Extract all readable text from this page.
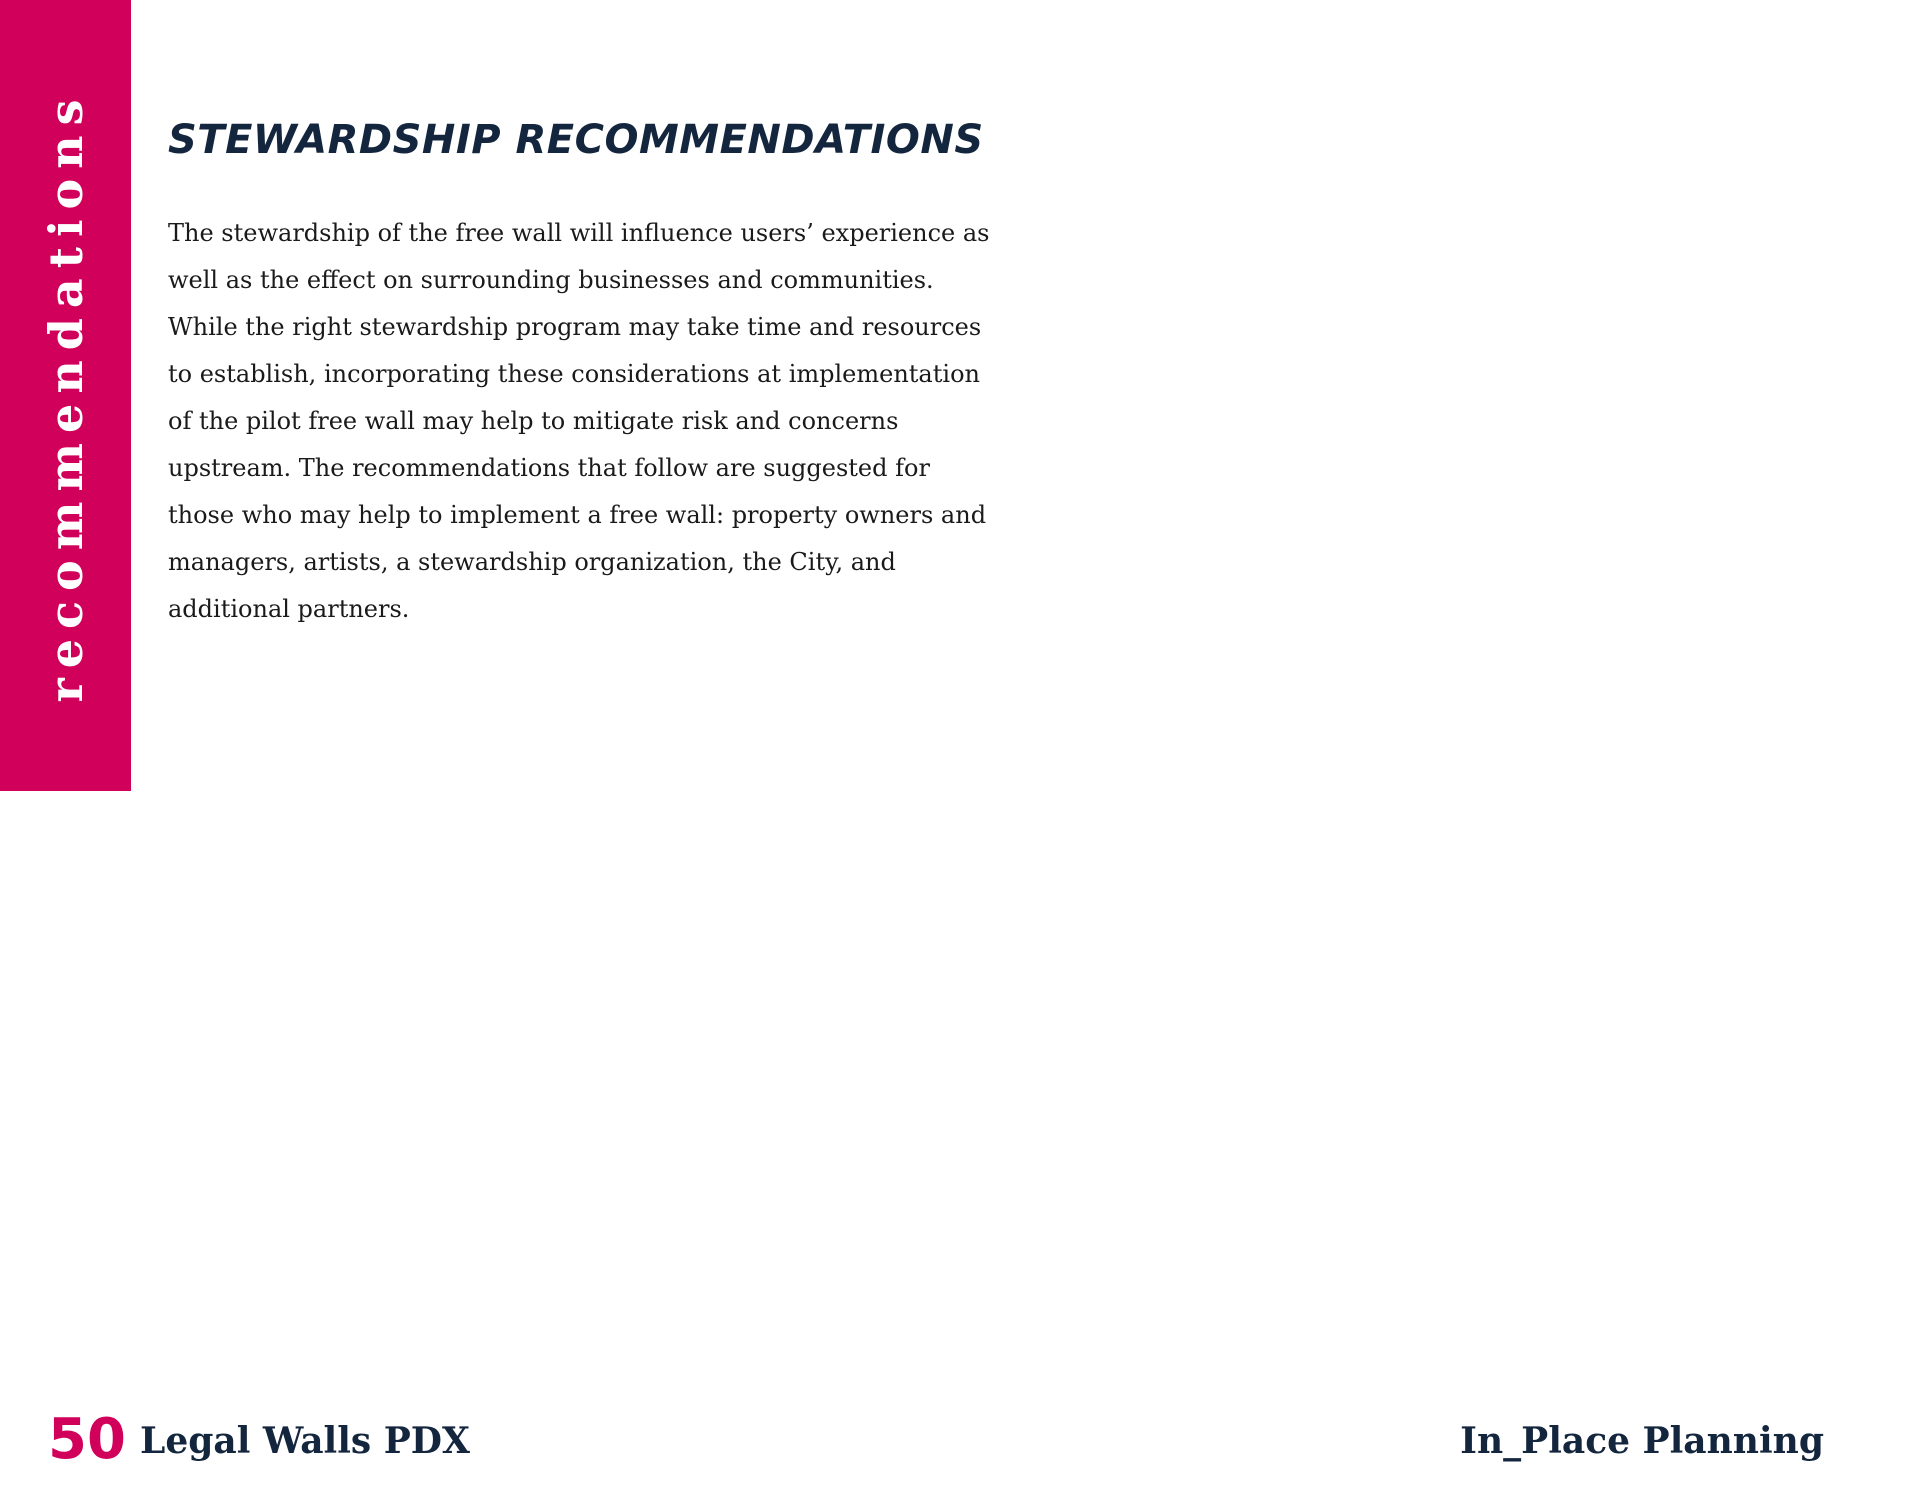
recommendations STEWARDSHIP RECOMMENDATIONS

The stewardship of the free wall will influence users’ experience as well as the effect on surrounding businesses and communities. While the right stewardship program may take time and resources to establish, incorporating these considerations at implementation of the pilot free wall may help to mitigate risk and concerns upstream. The recommendations that follow are suggested for those who may help to implement a free wall: property owners and managers, artists, a stewardship organization, the City, and additional partners.

50 Legal Walls PDX	In_Place Planning
